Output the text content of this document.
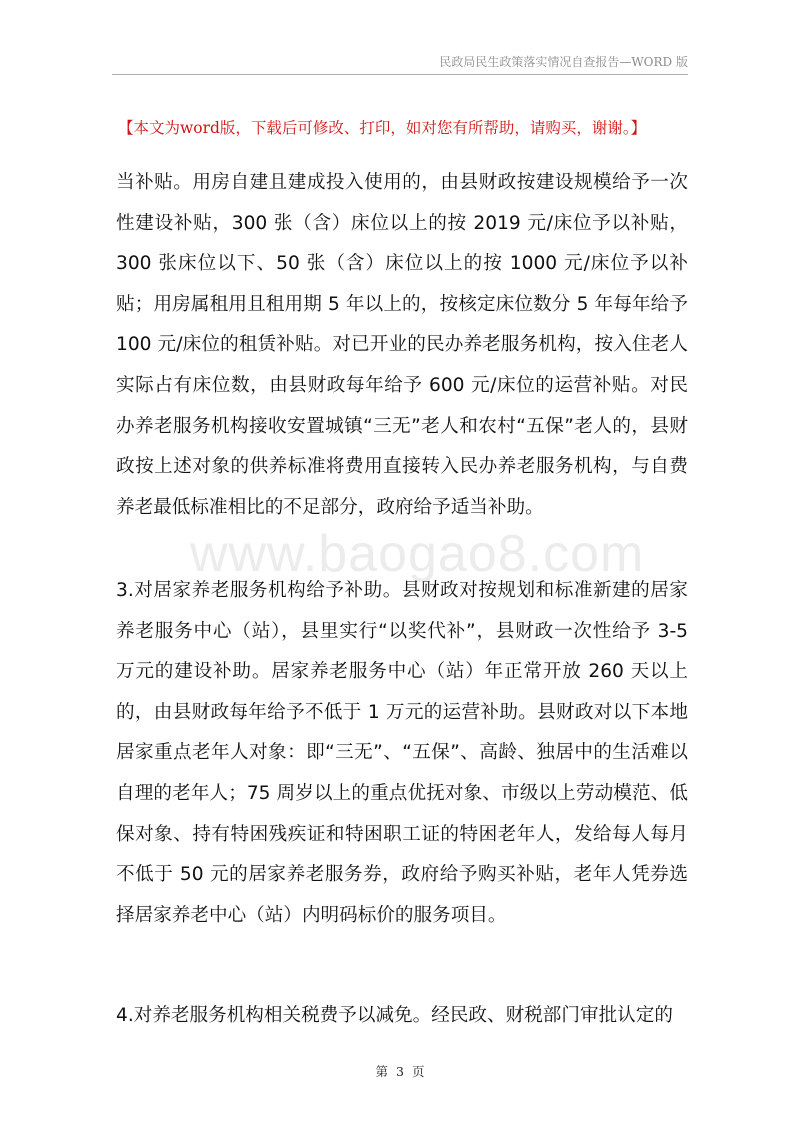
民政局民生政策落实情况自查报告—WORD 版
【本文为word版，下载后可修改、打印，如对您有所帮助，请购买，谢谢。】

当补贴。用房自建且建成投入使用的，由县财政按建设规模给予一次性建设补贴，300 张（含）床位以上的按 2019 元/床位予以补贴，300 张床位以下、50 张（含）床位以上的按 1000 元/床位予以补贴；用房属租用且租用期 5 年以上的，按核定床位数分 5 年每年给予 100 元/床位的租赁补贴。对已开业的民办养老服务机构，按入住老人实际占有床位数，由县财政每年给予 600 元/床位的运营补贴。对民办养老服务机构接收安置城镇“三无”老人和农村“五保”老人的，县财政按上述对象的供养标准将费用直接转入民办养老服务机构，与自费养老最低标准相比的不足部分，政府给予适当补助。

www.baogao8.com

3.对居家养老服务机构给予补助。县财政对按规划和标准新建的居家养老服务中心（站），县里实行“以奖代补”，县财政一次性给予 3-5 万元的建设补助。居家养老服务中心（站）年正常开放 260 天以上的，由县财政每年给予不低于 1 万元的运营补助。县财政对以下本地居家重点老年人对象：即“三无”、“五保”、高龄、独居中的生活难以自理的老年人；75 周岁以上的重点优抚对象、市级以上劳动模范、低保对象、持有特困残疾证和特困职工证的特困老年人，发给每人每月不低于 50 元的居家养老服务券，政府给予购买补贴，老年人凭券选择居家养老中心（站）内明码标价的服务项目。

4.对养老服务机构相关税费予以减免。经民政、财税部门审批认定的

第 3 页
